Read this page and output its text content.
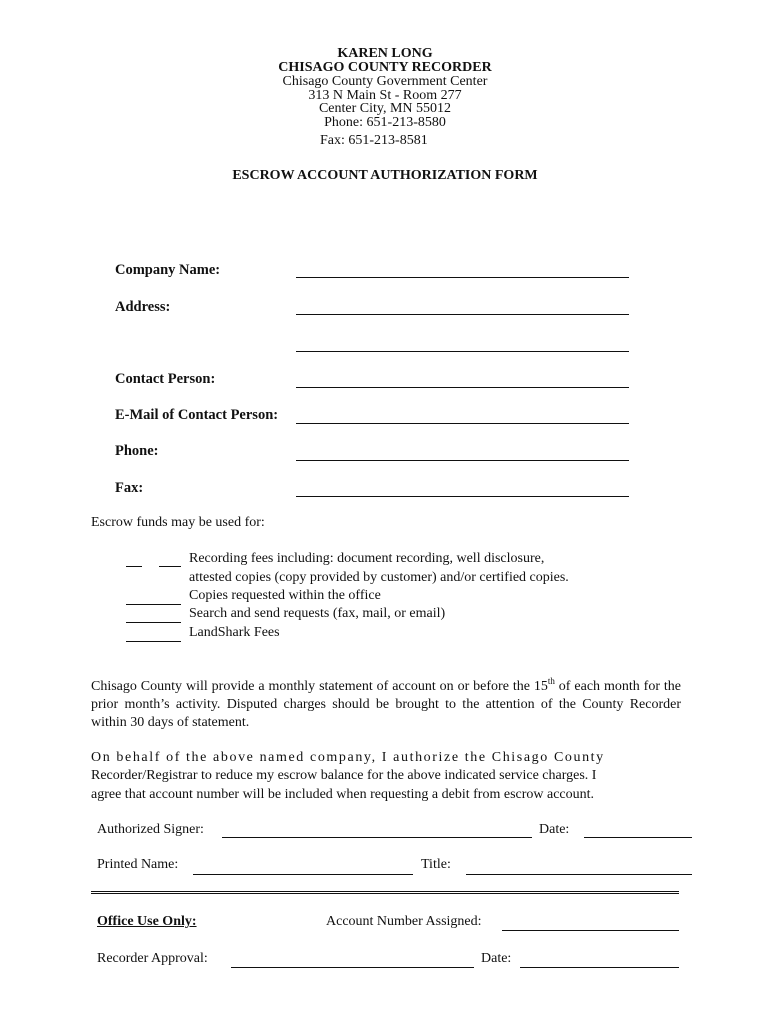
KAREN LONG
CHISAGO COUNTY RECORDER
Chisago County Government Center
313 N Main St - Room 277
Center City, MN 55012
Phone: 651-213-8580
Fax: 651-213-8581
ESCROW ACCOUNT AUTHORIZATION FORM
Company Name:
Address:
Contact Person:
E-Mail of Contact Person:
Phone:
Fax:
Escrow funds may be used for:
Recording fees including: document recording, well disclosure,
attested copies (copy provided by customer) and/or certified copies.
Copies requested within the office
Search and send requests (fax, mail, or email)
LandShark Fees
Chisago County will provide a monthly statement of account on or before the 15th of each month for the prior month’s activity. Disputed charges should be brought to the attention of the County Recorder within 30 days of statement.
On behalf of the above named company, I authorize the Chisago County
Recorder/Registrar to reduce my escrow balance for the above indicated service charges. I
agree that account number will be included when requesting a debit from escrow account.
Authorized Signer:	Date:
Printed Name:	Title:
Office Use Only:	Account Number Assigned:
Recorder Approval:	Date:
